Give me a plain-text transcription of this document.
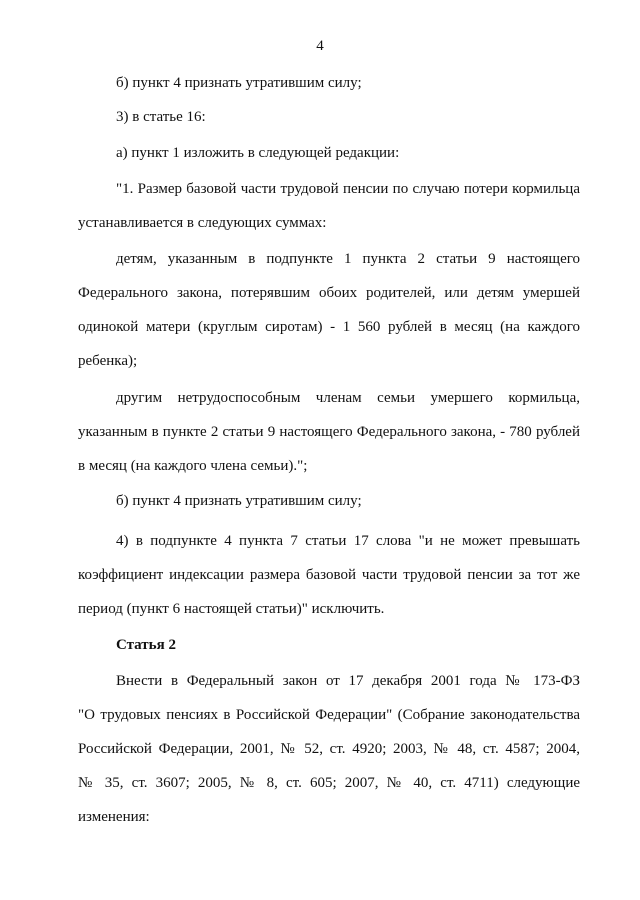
4

б) пункт 4 признать утратившим силу;

3) в статье 16:

а) пункт 1 изложить в следующей редакции:

"1. Размер базовой части трудовой пенсии по случаю потери кормильца
устанавливается в следующих суммах:

детям, указанным в подпункте 1 пункта 2 статьи 9 настоящего
Федерального закона, потерявшим обоих родителей, или детям умершей
одинокой матери (круглым сиротам) - 1 560 рублей в месяц (на каждого
ребенка);

другим нетрудоспособным членам семьи умершего кормильца,
указанным в пункте 2 статьи 9 настоящего Федерального закона, - 780 рублей
в месяц (на каждого члена семьи).";

б) пункт 4 признать утратившим силу;

4) в подпункте 4 пункта 7 статьи 17 слова "и не может превышать
коэффициент индексации размера базовой части трудовой пенсии за тот же
период (пункт 6 настоящей статьи)" исключить.

Статья 2

Внести в Федеральный закон от 17 декабря 2001 года № 173-ФЗ
"О трудовых пенсиях в Российской Федерации" (Собрание законодательства
Российской Федерации, 2001, № 52, ст. 4920; 2003, № 48, ст. 4587; 2004,
№ 35, ст. 3607; 2005, № 8, ст. 605; 2007, № 40, ст. 4711) следующие
изменения:
